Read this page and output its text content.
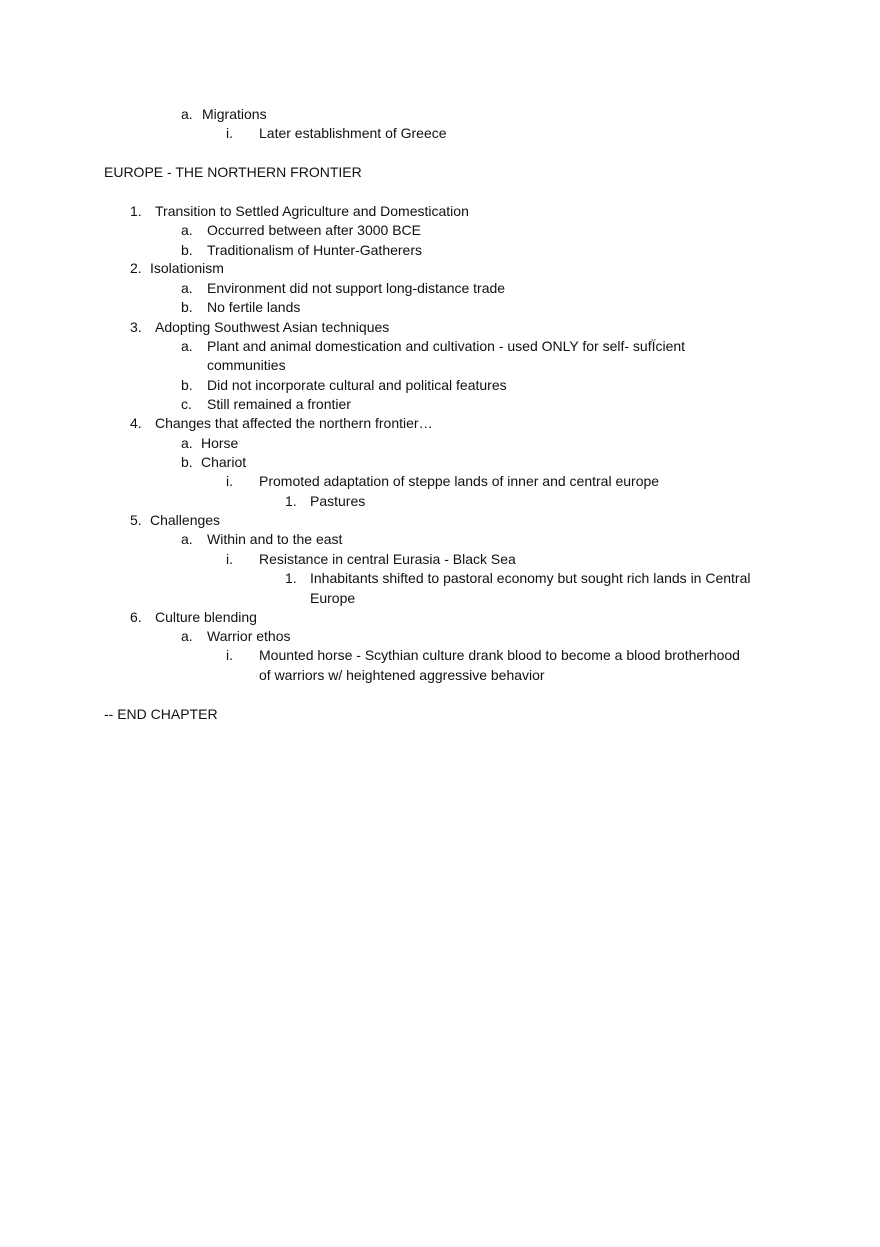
a. Migrations
i. Later establishment of Greece
EUROPE - THE NORTHERN FRONTIER
1. Transition to Settled Agriculture and Domestication
a. Occurred between after 3000 BCE
b. Traditionalism of Hunter-Gatherers
2. Isolationism
a. Environment did not support long-distance trade
b. No fertile lands
3. Adopting Southwest Asian techniques
a. Plant and animal domestication and cultivation - used ONLY for self- sufÏcient
communities
b. Did not incorporate cultural and political features
c. Still remained a frontier
4. Changes that affected the northern frontier…
a. Horse
b. Chariot
i. Promoted adaptation of steppe lands of inner and central europe
1. Pastures
5. Challenges
a. Within and to the east
i. Resistance in central Eurasia - Black Sea
1. Inhabitants shifted to pastoral economy but sought rich lands in Central
Europe
6. Culture blending
a. Warrior ethos
i. Mounted horse - Scythian culture drank blood to become a blood brotherhood
of warriors w/ heightened aggressive behavior
-- END CHAPTER
